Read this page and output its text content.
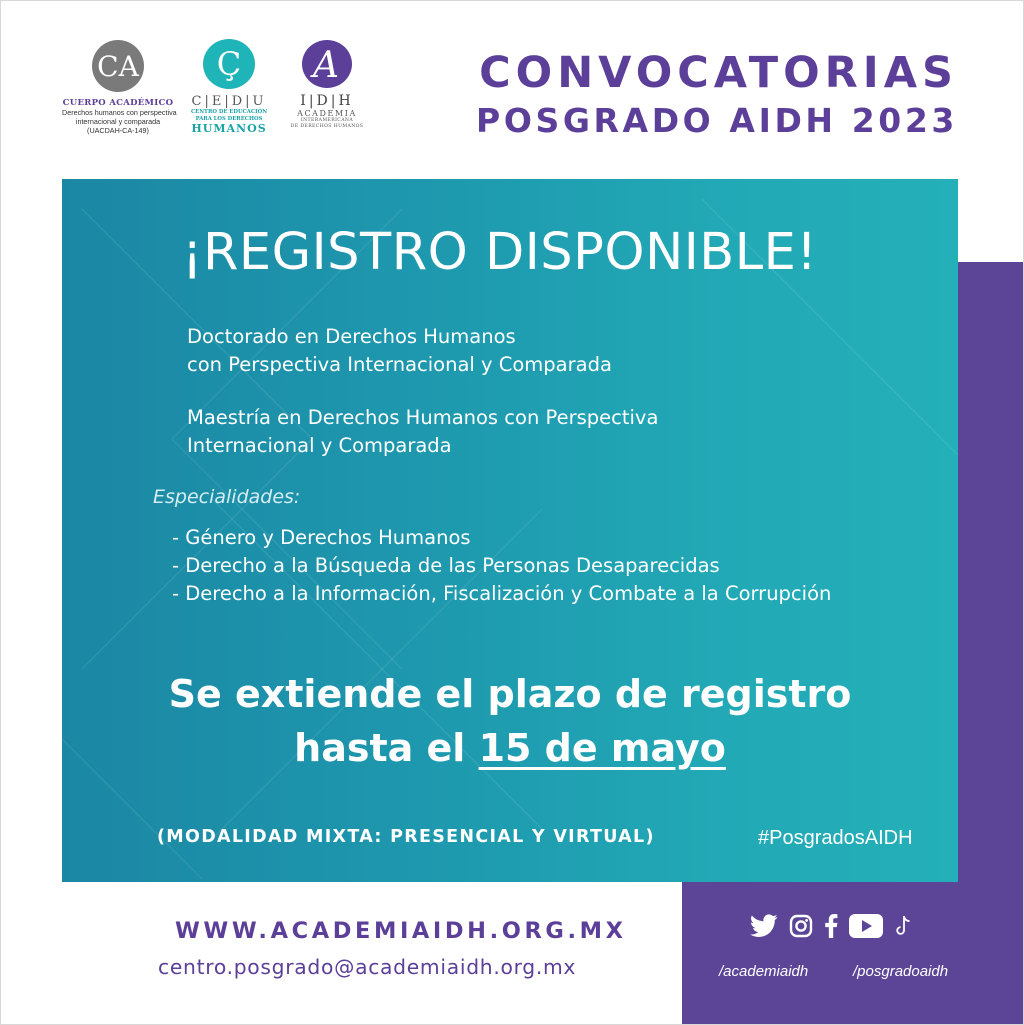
CA
CUERPO ACADÉMICO
Derechos humanos con perspectiva
internacional y comparada
(UACDAH-CA-149)
Ç
C|E|D|U
CENTRO DE EDUCACIÓN
PARA LOS DERECHOS
HUMANOS
A
I|D|H
ACADEMIA
INTERAMERICANA
DE DERECHOS HUMANOS
CONVOCATORIAS
POSGRADO AIDH 2023
¡REGISTRO DISPONIBLE!
Doctorado en Derechos Humanos
con Perspectiva Internacional y Comparada
Maestría en Derechos Humanos con Perspectiva
Internacional y Comparada
Especialidades:
- Género y Derechos Humanos
- Derecho a la Búsqueda de las Personas Desaparecidas
- Derecho a la Información, Fiscalización y Combate a la Corrupción
Se extiende el plazo de registro
hasta el 15 de mayo
(MODALIDAD MIXTA: PRESENCIAL Y VIRTUAL)	#PosgradosAIDH
WWW.ACADEMIAIDH.ORG.MX
centro.posgrado@academiaidh.org.mx	/academiaidh	/posgradoaidh
